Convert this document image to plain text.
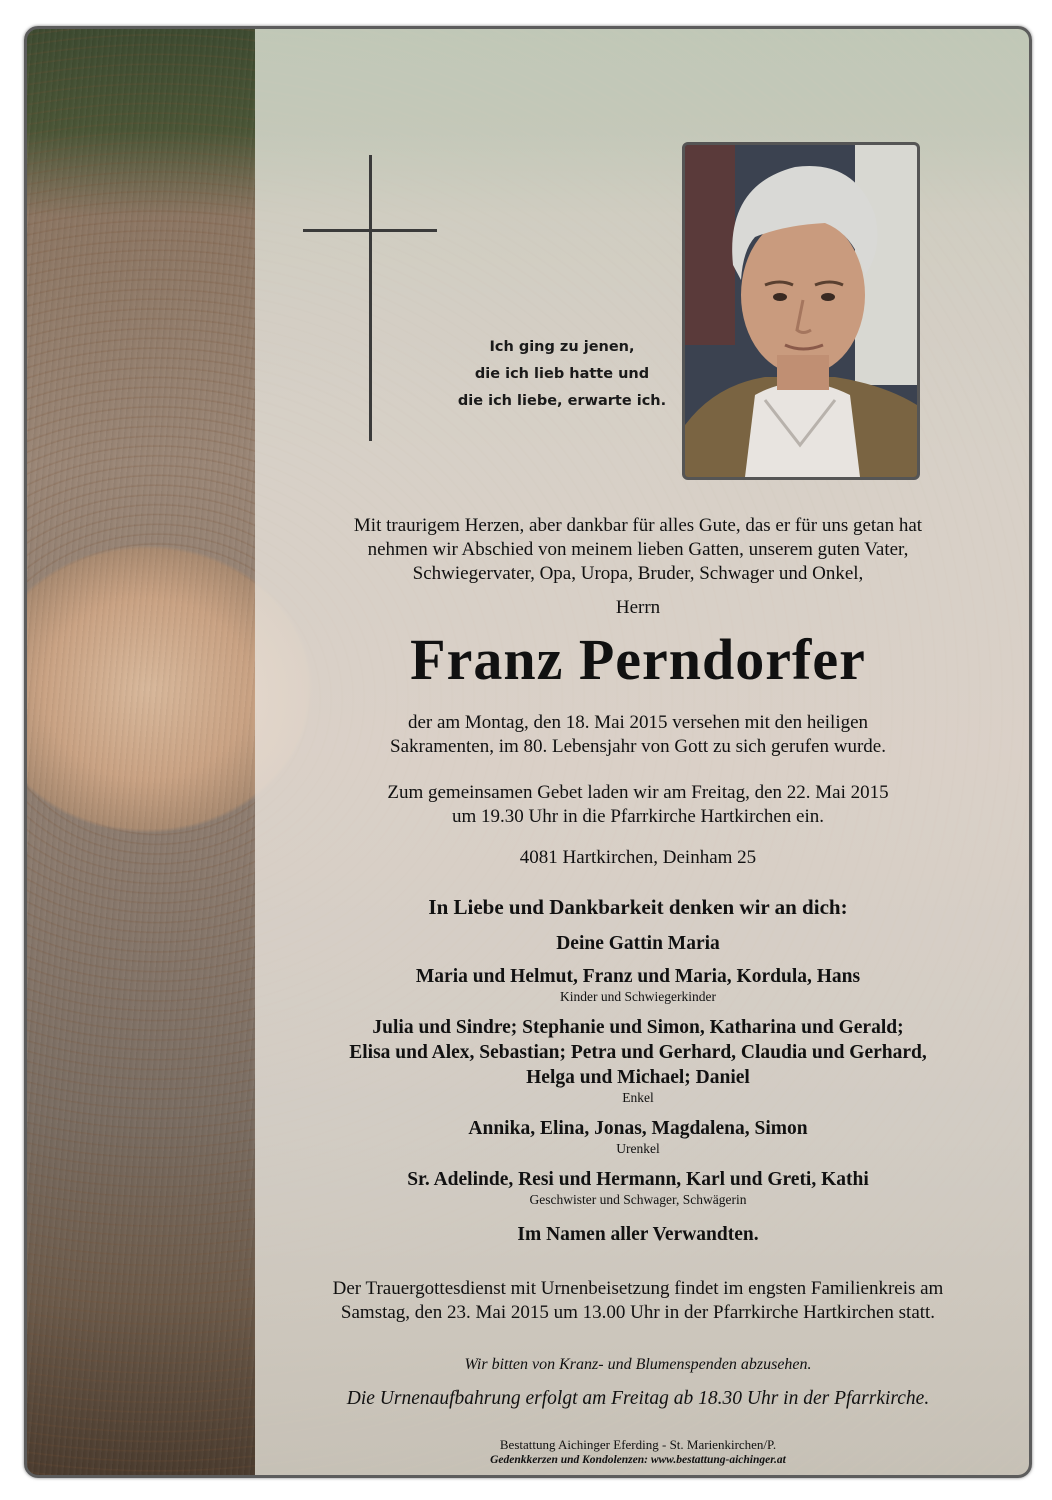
Ich ging zu jenen,
die ich lieb hatte und
die ich liebe, erwarte ich.
Mit traurigem Herzen, aber dankbar für alles Gute, das er für uns getan hat
nehmen wir Abschied von meinem lieben Gatten, unserem guten Vater,
Schwiegervater, Opa, Uropa, Bruder, Schwager und Onkel,
Herrn
Franz Perndorfer
der am Montag, den 18. Mai 2015 versehen mit den heiligen
Sakramenten, im 80. Lebensjahr von Gott zu sich gerufen wurde.
Zum gemeinsamen Gebet laden wir am Freitag, den 22. Mai 2015
um 19.30 Uhr in die Pfarrkirche Hartkirchen ein.
4081 Hartkirchen, Deinham 25
In Liebe und Dankbarkeit denken wir an dich:
Deine Gattin Maria
Maria und Helmut, Franz und Maria, Kordula, Hans
Kinder und Schwiegerkinder
Julia und Sindre; Stephanie und Simon, Katharina und Gerald;
Elisa und Alex, Sebastian; Petra und Gerhard, Claudia und Gerhard,
Helga und Michael; Daniel
Enkel
Annika, Elina, Jonas, Magdalena, Simon
Urenkel
Sr. Adelinde, Resi und Hermann, Karl und Greti, Kathi
Geschwister und Schwager, Schwägerin
Im Namen aller Verwandten.
Der Trauergottesdienst mit Urnenbeisetzung findet im engsten Familienkreis am
Samstag, den 23. Mai 2015 um 13.00 Uhr in der Pfarrkirche Hartkirchen statt.
Wir bitten von Kranz- und Blumenspenden abzusehen.
Die Urnenaufbahrung erfolgt am Freitag ab 18.30 Uhr in der Pfarrkirche.
Bestattung Aichinger Eferding - St. Marienkirchen/P.
Gedenkkerzen und Kondolenzen: www.bestattung-aichinger.at
